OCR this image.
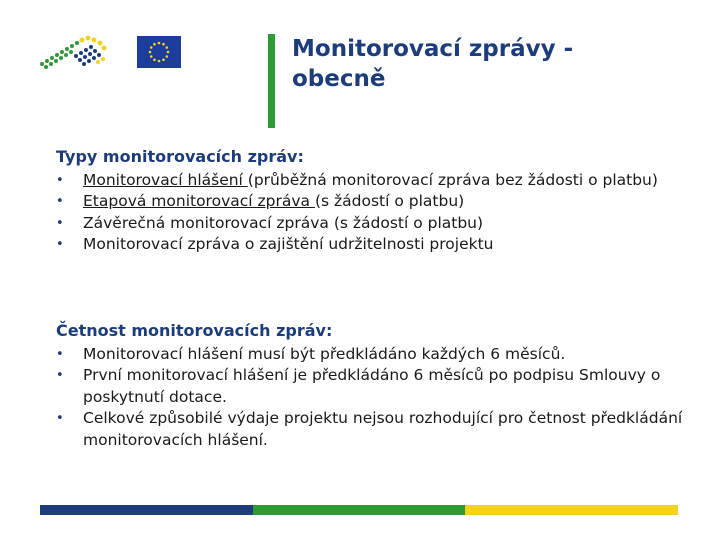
Monitorovací zprávy -
obecně
Typy monitorovacích zpráv:
•	Monitorovací hlášení (průběžná monitorovací zpráva bez žádosti o platbu)
•	Etapová monitorovací zpráva (s žádostí o platbu)
•	Závěrečná monitorovací zpráva (s žádostí o platbu)
•	Monitorovací zpráva o zajištění udržitelnosti projektu
Četnost monitorovacích zpráv:
•	Monitorovací hlášení musí být předkládáno každých 6 měsíců.
•	První monitorovací hlášení je předkládáno 6 měsíců po podpisu Smlouvy o poskytnutí dotace.
•	Celkové způsobilé výdaje projektu nejsou rozhodující pro četnost předkládání monitorovacích hlášení.
